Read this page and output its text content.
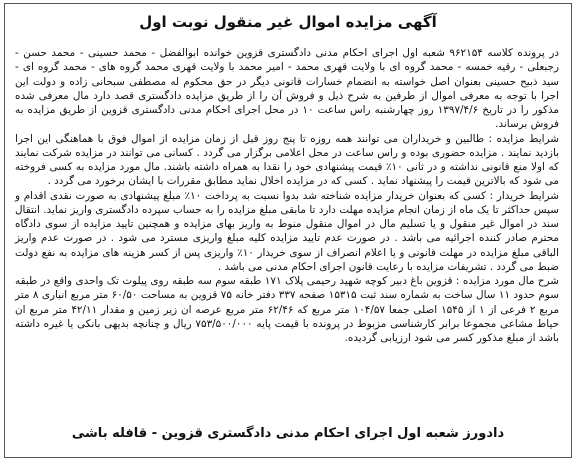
آگهی مزایده اموال غیر منقول نوبت اول

در پرونده کلاسه ۹۶۲۱۵۴ شعبه اول اجرای احکام مدنی دادگستری قزوین خوانده ابوالفضل - محمد حسینی - محمد حسن - رجبعلی - رقیه خمسه - محمد گروه ای با ولایت قهری محمد - امیر محمد با ولایت قهری محمد گروه های - محمد گروه ای - سید ذبیح حسینی بعنوان اصل خواسته به انضمام خسارات قانونی دیگر در حق محکوم له مصطفی سبحانی زاده و دولت این اجرا با توجه به معرفی اموال از طرفین به شرح ذیل و فروش آن را از طریق مزایده دادگستری قصد دارد مال معرفی شده مذکور را در تاریخ ۱۳۹۷/۴/۶ روز چهارشنبه راس ساعت ۱۰ در محل اجرای احکام مدنی دادگستری قزوین از طریق مزایده به فروش برساند.

شرایط مزایده : طالبین و خریداران می توانند همه روزه تا پنج روز قبل از زمان مزایده از اموال فوق با هماهنگی این اجرا بازدید نمایند . مزایده حضوری بوده و راس ساعت در محل اعلامی برگزار می گردد . کسانی می توانند در مزایده شرکت نمایند که اولا منع قانونی نداشته و در ثانی ۱۰٪ قیمت پیشنهادی خود را نقدا به همراه داشته باشند. مال مورد مزایده به کسی فروخته می شود که بالاترین قیمت را پیشنهاد نماید . کسی که در مزایده اخلال نماید مطابق مقررات با ایشان برخورد می گردد .

شرایط خریدار : کسی که بعنوان خریدار مزایده شناخته شد بدوا نسبت به پرداخت ۱۰٪ مبلغ پیشنهادی به صورت نقدی اقدام و سپس حداکثر تا یک ماه از زمان انجام مزایده مهلت دارد تا مابقی مبلغ مزایده را به حساب سپرده دادگستری واریز نماید. انتقال سند در اموال غیر منقول و یا تسلیم مال در اموال منقول منوط به واریز بهای مزایده و همچنین تایید مزایده از سوی دادگاه محترم صادر کننده اجرائیه می باشد . در صورت عدم تایید مزایده کلیه مبلغ واریزی مسترد می شود . در صورت عدم واریز الباقی مبلغ مزایده در مهلت قانونی و یا اعلام انصراف از سوی خریدار ۱۰٪ واریزی پس از کسر هزینه های مزایده به نفع دولت ضبط می گردد . تشریفات مزایده با رعایت قانون اجرای احکام مدنی می باشد .

شرح مال مورد مزایده : قزوین باغ دبیر کوچه شهید رحیمی پلاک ۱۷۱ طبقه سوم سه طبقه روی پیلوت تک واحدی واقع در طبقه سوم حدود ۱۱ سال ساخت به شماره سند ثبت ۱۵۳۱۵ صفحه ۳۳۷ دفتر خانه ۷۵ قزوین به مساحت ۶۰/۵۰ متر مربع انباری ۸ متر مربع ۲ فرعی از ۱ از ۱۵۴۵ اصلی جمعا ۱۰۴/۵۷ متر مربع که ۶۲/۴۶ متر مربع عرصه ان زیر زمین و مقدار ۴۲/۱۱ متر مربع ان حیاط مشاعی مجموعا برابر کارشناسی مزبوط در پرونده با قیمت پایه ۷۵۳/۵۰۰/۰۰۰ ریال و چنانچه بدیهی بانکی یا غیره داشته باشد از مبلغ مذکور کسر می شود ارزیابی گردیده.

دادورز شعبه اول اجرای احکام مدنی دادگستری قزوین - قافله باشی
